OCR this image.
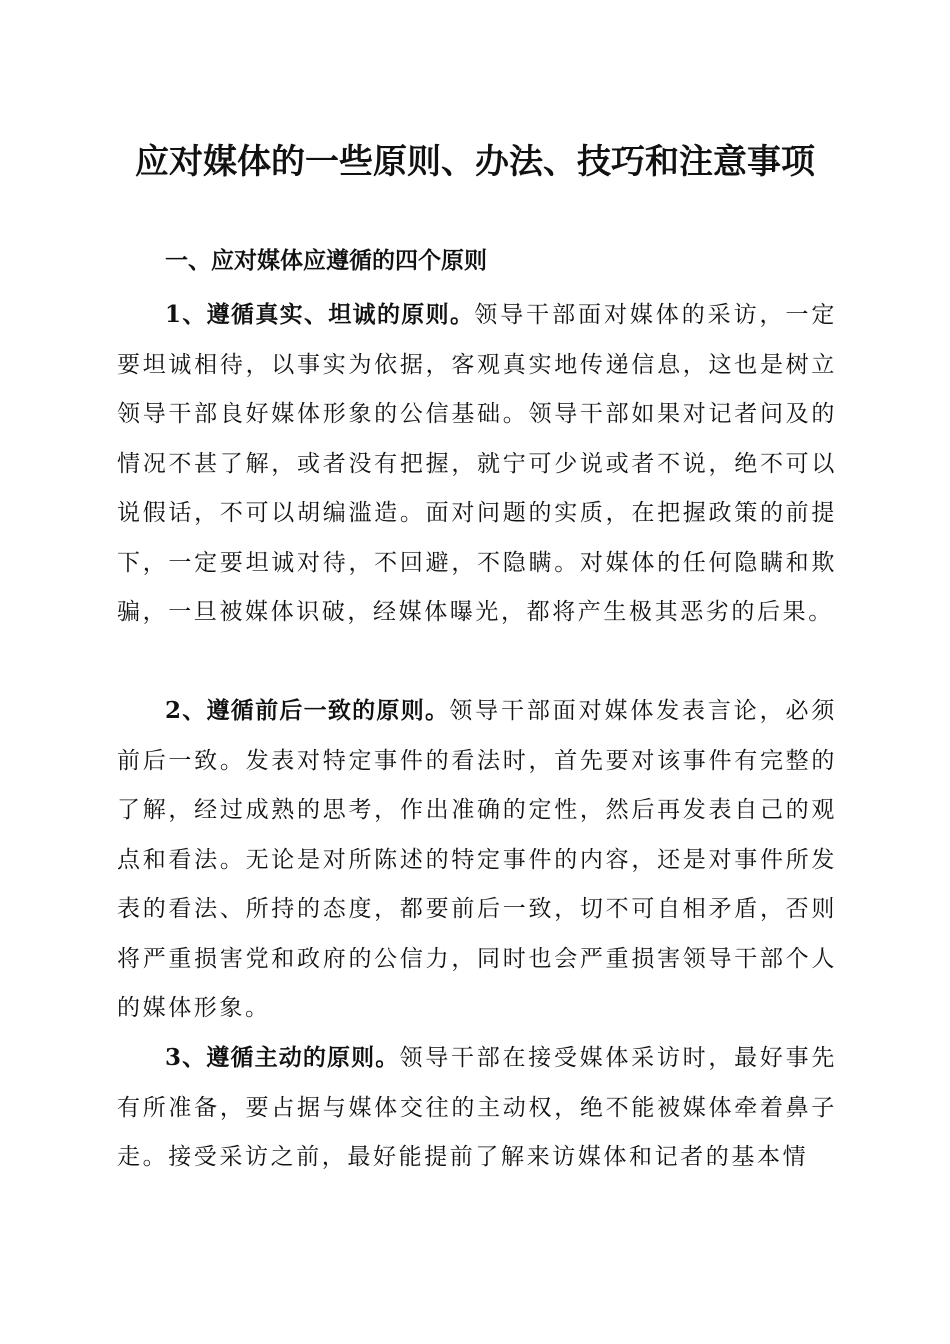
应对媒体的一些原则、办法、技巧和注意事项
一、应对媒体应遵循的四个原则

1、遵循真实、坦诚的原则。领导干部面对媒体的采访，一定要坦诚相待，以事实为依据，客观真实地传递信息，这也是树立领导干部良好媒体形象的公信基础。领导干部如果对记者问及的情况不甚了解，或者没有把握，就宁可少说或者不说，绝不可以说假话，不可以胡编滥造。面对问题的实质，在把握政策的前提下，一定要坦诚对待，不回避，不隐瞒。对媒体的任何隐瞒和欺骗，一旦被媒体识破，经媒体曝光，都将产生极其恶劣的后果。

2、遵循前后一致的原则。领导干部面对媒体发表言论，必须前后一致。发表对特定事件的看法时，首先要对该事件有完整的了解，经过成熟的思考，作出准确的定性，然后再发表自己的观点和看法。无论是对所陈述的特定事件的内容，还是对事件所发表的看法、所持的态度，都要前后一致，切不可自相矛盾，否则将严重损害党和政府的公信力，同时也会严重损害领导干部个人的媒体形象。

3、遵循主动的原则。领导干部在接受媒体采访时，最好事先有所准备，要占据与媒体交往的主动权，绝不能被媒体牵着鼻子走。接受采访之前，最好能提前了解来访媒体和记者的基本情
